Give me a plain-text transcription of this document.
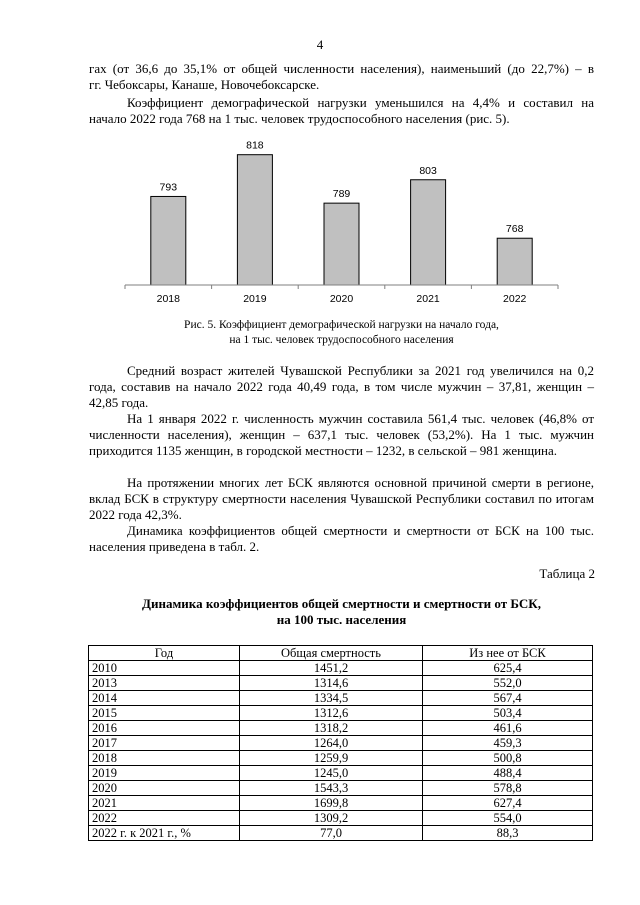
4
гах (от 36,6 до 35,1% от общей численности населения), наименьший (до 22,7%) – в
гг. Чебоксары, Канаше, Новочебоксарске.
Коэффициент демографической нагрузки уменьшился на 4,4% и составил на начало 2022 года 768 на 1 тыс. человек трудоспособного населения (рис. 5).
793
818
789
803
768
2018	2019	2020	2021	2022
Рис. 5. Коэффициент демографической нагрузки на начало года,
на 1 тыс. человек трудоспособного населения
Средний возраст жителей Чувашской Республики за 2021 год увеличился на 0,2 года, составив на начало 2022 года 40,49 года, в том числе мужчин – 37,81, женщин – 42,85 года.
На 1 января 2022 г. численность мужчин составила 561,4 тыс. человек (46,8% от численности населения), женщин – 637,1 тыс. человек (53,2%). На 1 тыс. мужчин приходится 1135 женщин, в городской местности – 1232, в сельской – 981 женщина.
На протяжении многих лет БСК являются основной причиной смерти в регионе, вклад БСК в структуру смертности населения Чувашской Республики составил по итогам 2022 года 42,3%.
Динамика коэффициентов общей смертности и смертности от БСК на 100 тыс. населения приведена в табл. 2.
Таблица 2
Динамика коэффициентов общей смертности и смертности от БСК,
на 100 тыс. населения
Год	Общая смертность	Из нее от БСК
2010	1451,2	625,4
2013	1314,6	552,0
2014	1334,5	567,4
2015	1312,6	503,4
2016	1318,2	461,6
2017	1264,0	459,3
2018	1259,9	500,8
2019	1245,0	488,4
2020	1543,3	578,8
2021	1699,8	627,4
2022	1309,2	554,0
2022 г. к 2021 г., %	77,0	88,3
